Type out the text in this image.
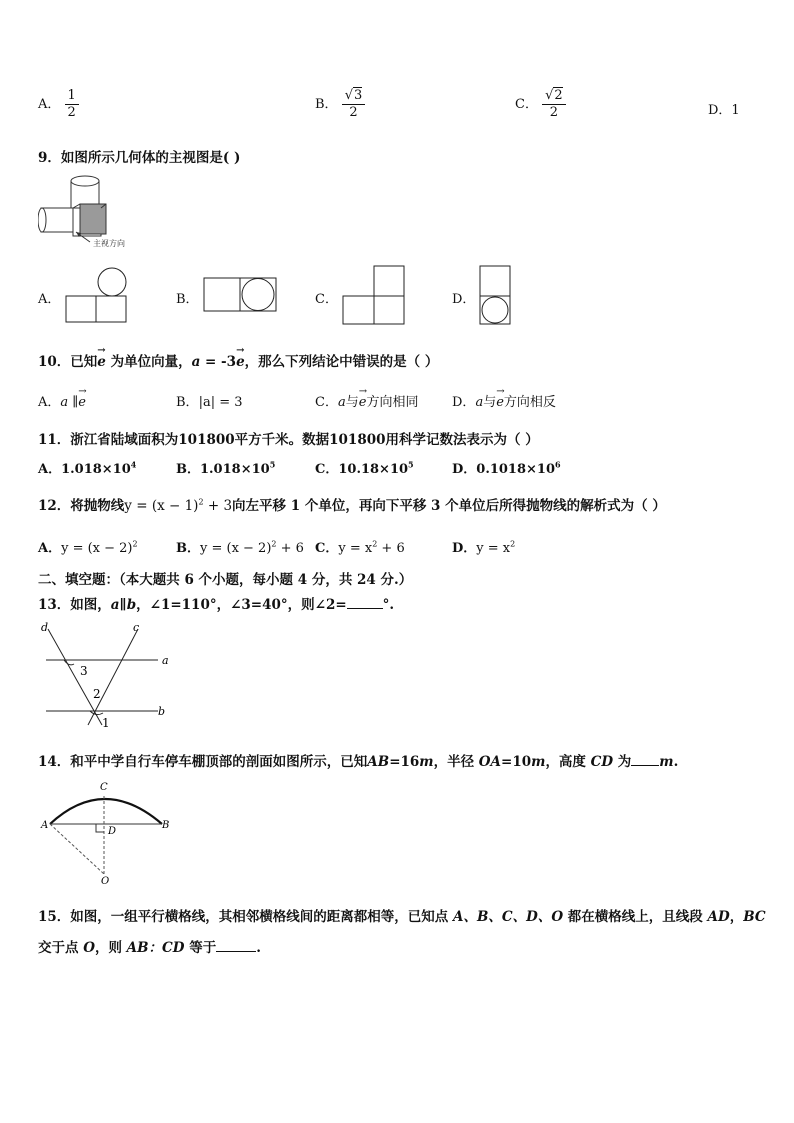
A． $\frac{1}{2}$	B． $\frac{√3}{2}$	C． $\frac{√2}{2}$	D．1
9．如图所示几何体的主视图是( )
主视方向
A．	B．	C．	D．
10．已知→ e 为单位向量，a = -3→ e，那么下列结论中错误的是（ ）
A．a ∥→ e	B．|a| = 3	C．a与→ e方向相同	D．a与→ e方向相反
11．浙江省陆域面积为101800平方千米。数据101800用科学记数法表示为（ ）
A．$1.018\times 10^4$	B．$1.018\times 10^5$	C．$10.18\times 10^5$	D．$0.1018\times 10^6$
12．将抛物线$y = (x - 1)^2 + 3$向左平移 1 个单位，再向下平移 3 个单位后所得抛物线的解析式为（ ）
A．$y = (x - 2)^2$	B．$y = (x - 2)^2 + 6$ C．$y = x^2 + 6$	D．$y = x^2$
二、填空题：（本大题共 6 个小题，每小题 4 分，共 24 分.）
13．如图，a∥b，∠1=110°，∠3=40°，则∠2=	°.
d	c
a
b
3
2
1
14．和平中学自行车停车棚顶部的剖面如图所示，已知AB=16m，半径 OA=10m，高度 CD 为 m.
C
A	B
D
O
15．如图，一组平行横格线，其相邻横格线间的距离都相等，已知点 A、B、C、D、O 都在横格线上，且线段 AD，BC
交于点 O，则 AB：CD 等于	.
